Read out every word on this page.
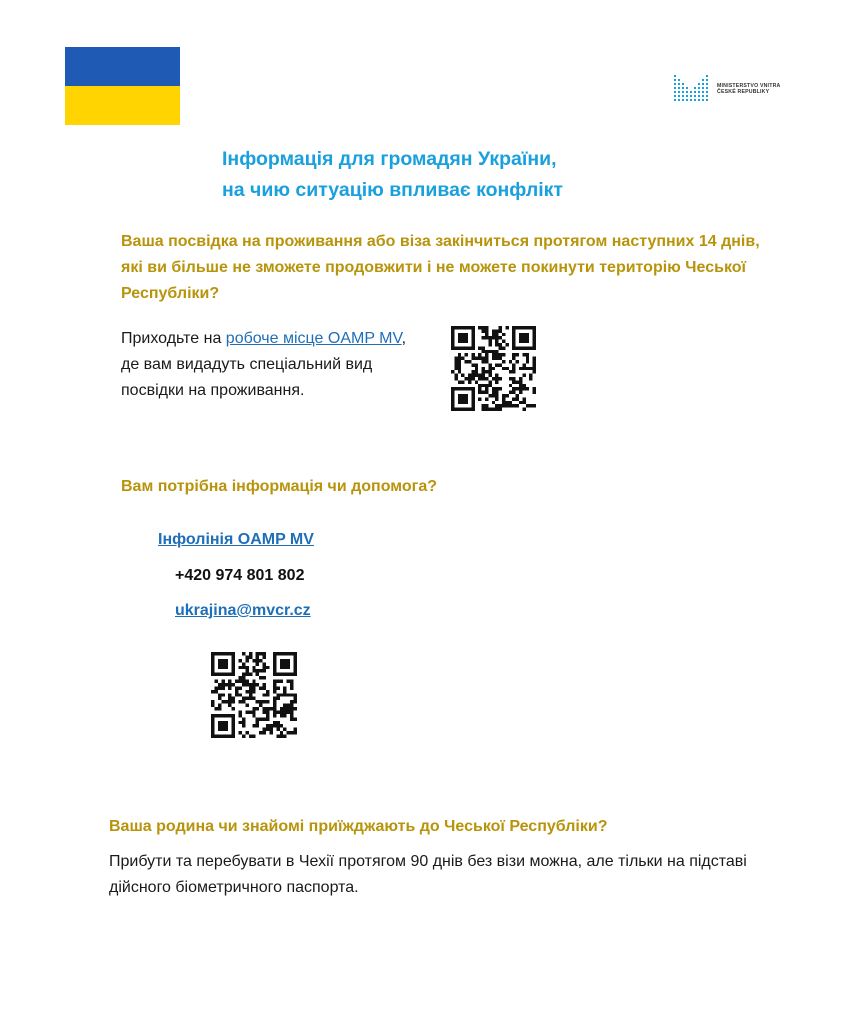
MINISTERSTVO VNITRA
ČESKÉ REPUBLIKY
Інформація для громадян України,
на чию ситуацію впливає конфлікт
Ваша посвідка на проживання або віза закінчиться протягом наступних 14 днів, які ви більше не зможете продовжити і не можете покинути територію Чеської Республіки?
Приходьте на робоче місце OAMP MV, де вам видадуть спеціальний вид посвідки на проживання.
Вам потрібна інформація чи допомога?
Інфолінія OAMP MV
+420 974 801 802
ukrajina@mvcr.cz
Ваша родина чи знайомі приїжджають до Чеської Республіки?
Прибути та перебувати в Чехії протягом 90 днів без візи можна, але тільки на підставі дійсного біометричного паспорта.
